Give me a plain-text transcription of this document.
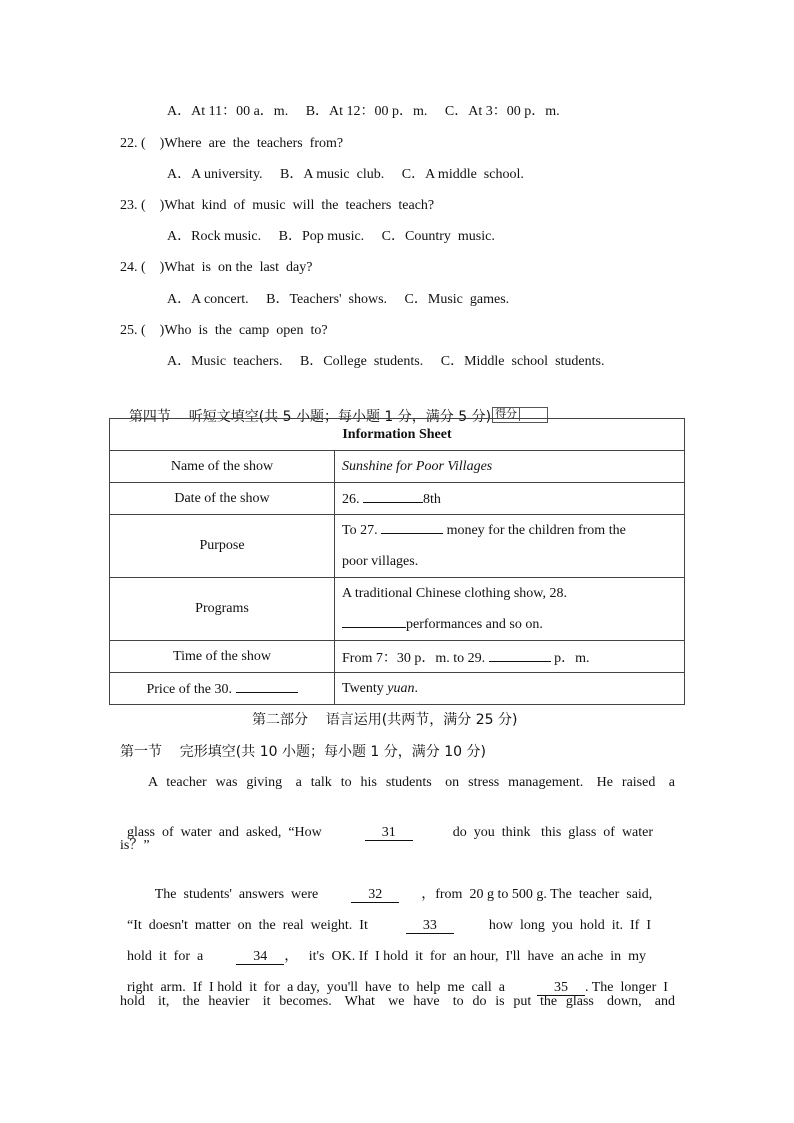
A．At 11：00 a．m.     B．At 12：00 p．m.     C．At 3：00 p．m.
22. (    )Where  are  the  teachers  from?
A．A university.     B．A music  club.     C．A middle  school.
23. (    )What  kind  of  music  will  the  teachers  teach?
A．Rock music.     B．Pop music.     C．Country  music.
24. (    )What  is  on the  last  day?
A．A concert.     B．Teachers'  shows.     C．Music  games.
25. (    )Who  is  the  camp  open  to?
A．Music  teachers.     B．College  students.     C．Middle  school  students.

第四节    听短文填空(共 5 小题；每小题 1 分，满分 5 分) 得分

Information Sheet	
Name of the show	Sunshine for Poor Villages
Date of the show	26. 8th
Purpose	To 27. money for the children from the
poor villages.
Programs	A traditional Chinese clothing show, 28.
performances and so on.
Time of the show	From 7：30 p．m. to 29. p．m.
Price of the 30.	Twenty yuan.
第二部分    语言运用(共两节，满分 25 分)
第一节    完形填空(共 10 小题；每小题 1 分，满分 10 分)
A  teacher  was  giving   a  talk  to  his  students   on  stress  management.   He  raised   a

glass  of  water  and  asked,  “How	31	do  you  think   this  glass  of  water

is？”

The  students'  answers  were	32	，from  20 g to 500 g. The  teacher  said,

“It  doesn't  matter  on  the  real  weight.  It	33	how  long  you  hold  it.  If  I

hold  it  for  a	34 ，   it's  OK. If  I hold  it  for  an hour,  I'll  have  an ache  in  my

right  arm.  If  I hold  it  for  a day,  you'll  have  to  help  me  call  a	35 . The  longer  I

hold   it,   the  heavier   it  becomes.   What   we  have   to  do  is  put  the  glass   down,   and
